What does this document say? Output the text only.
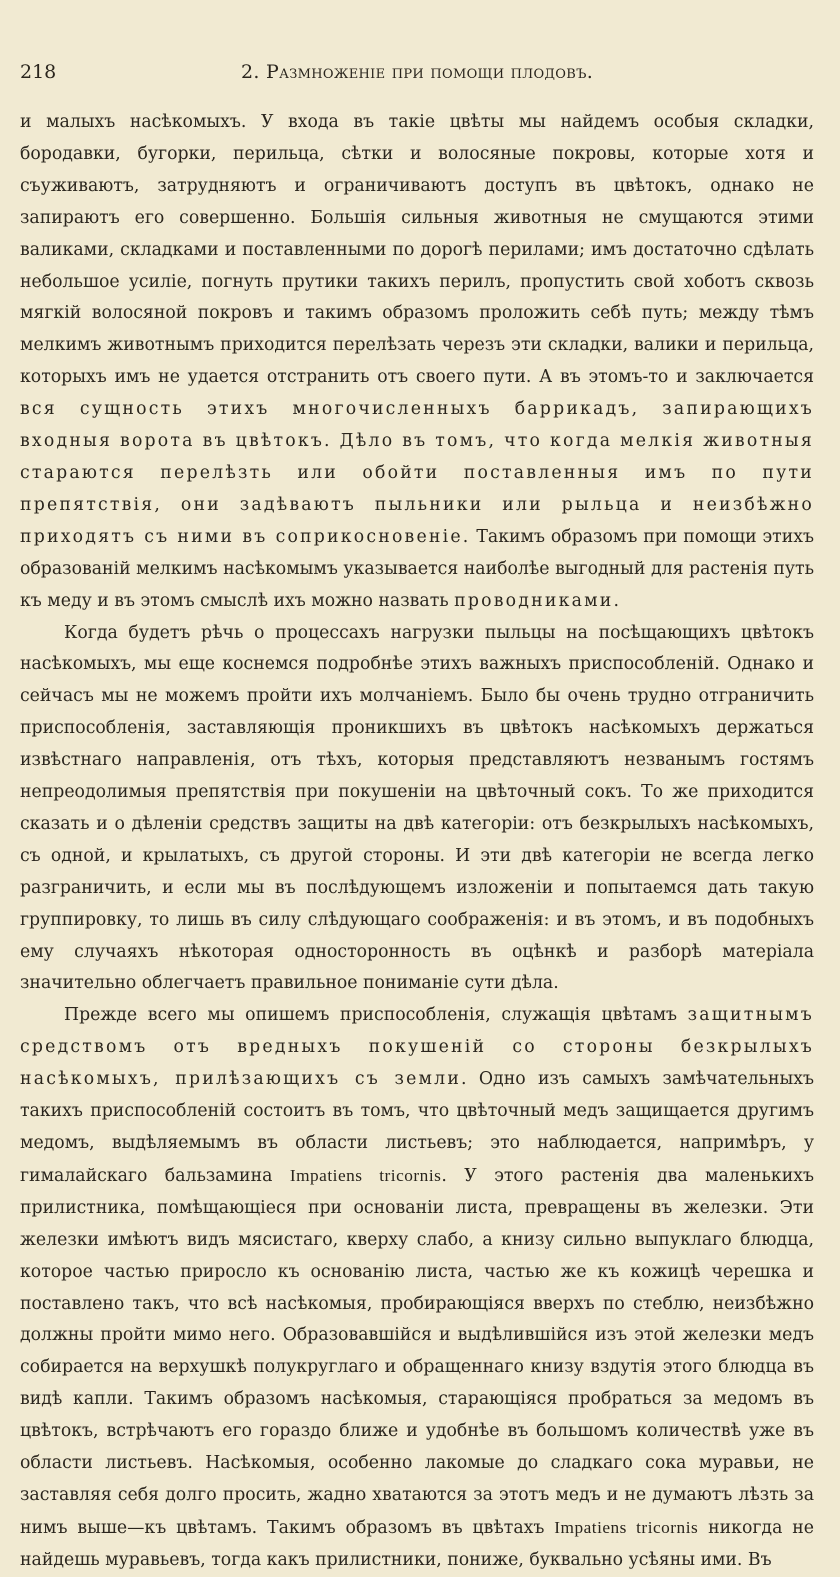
218	2. Размноженіе при помощи плодовъ.

и малыхъ насѣкомыхъ. У входа въ такіе цвѣты мы найдемъ особыя складки, бородавки, бугорки, перильца, сѣтки и волосяные покровы, которые хотя и съуживаютъ, затрудняютъ и ограничиваютъ доступъ въ цвѣтокъ, однако не запираютъ его совершенно. Большія сильныя животныя не смущаются этими валиками, складками и поставленными по дорогѣ перилами; имъ достаточно сдѣлать небольшое усиліе, погнуть прутики такихъ перилъ, пропустить свой хоботъ сквозь мягкій волосяной покровъ и такимъ образомъ проложить себѣ путь; между тѣмъ мелкимъ животнымъ приходится перелѣзать черезъ эти складки, валики и перильца, которыхъ имъ не удается отстранить отъ своего пути. А въ этомъ-то и заключается вся сущность этихъ многочисленныхъ баррикадъ, запирающихъ входныя ворота въ цвѣтокъ. Дѣло въ томъ, что когда мелкія животныя стараются перелѣзть или обойти поставленныя имъ по пути препятствія, они задѣваютъ пыльники или рыльца и неизбѣжно приходятъ съ ними въ соприкосновеніе. Такимъ образомъ при помощи этихъ образованій мелкимъ насѣкомымъ указывается наиболѣе выгодный для растенія путь къ меду и въ этомъ смыслѣ ихъ можно назвать проводниками.

Когда будетъ рѣчь о процессахъ нагрузки пыльцы на посѣщающихъ цвѣтокъ насѣкомыхъ, мы еще коснемся подробнѣе этихъ важныхъ приспособленій. Однако и сейчасъ мы не можемъ пройти ихъ молчаніемъ. Было бы очень трудно отграничить приспособленія, заставляющія проникшихъ въ цвѣтокъ насѣкомыхъ держаться извѣстнаго направленія, отъ тѣхъ, которыя представляютъ незванымъ гостямъ непреодолимыя препятствія при покушеніи на цвѣточный сокъ. То же приходится сказать и о дѣленіи средствъ защиты на двѣ категоріи: отъ безкрылыхъ насѣкомыхъ, съ одной, и крылатыхъ, съ другой стороны. И эти двѣ категоріи не всегда легко разграничить, и если мы въ послѣдующемъ изложеніи и попытаемся дать такую группировку, то лишь въ силу слѣдующаго соображенія: и въ этомъ, и въ подобныхъ ему случаяхъ нѣкоторая односторонность въ оцѣнкѣ и разборѣ матеріала значительно облегчаетъ правильное пониманіе сути дѣла.

Прежде всего мы опишемъ приспособленія, служащія цвѣтамъ защитнымъ средствомъ отъ вредныхъ покушеній со стороны безкрылыхъ насѣкомыхъ, прилѣзающихъ съ земли. Одно изъ самыхъ замѣчательныхъ такихъ приспособленій состоитъ въ томъ, что цвѣточный медъ защищается другимъ медомъ, выдѣляемымъ въ области листьевъ; это наблюдается, напримѣръ, у гималайскаго бальзамина Impatiens tricornis. У этого растенія два маленькихъ прилистника, помѣщающіеся при основаніи листа, превращены въ железки. Эти железки имѣютъ видъ мясистаго, кверху слабо, а книзу сильно выпуклаго блюдца, которое частью приросло къ основанію листа, частью же къ кожицѣ черешка и поставлено такъ, что всѣ насѣкомыя, пробирающіяся вверхъ по стеблю, неизбѣжно должны пройти мимо него. Образовавшійся и выдѣлившійся изъ этой железки медъ собирается на верхушкѣ полукруглаго и обращеннаго книзу вздутія этого блюдца въ видѣ капли. Такимъ образомъ насѣкомыя, старающіяся пробраться за медомъ въ цвѣтокъ, встрѣчаютъ его гораздо ближе и удобнѣе въ большомъ количествѣ уже въ области листьевъ. Насѣкомыя, особенно лакомые до сладкаго сока муравьи, не заставляя себя долго просить, жадно хватаются за этотъ медъ и не думаютъ лѣзть за нимъ выше—къ цвѣтамъ. Такимъ образомъ въ цвѣтахъ Impatiens tricornis никогда не найдешь муравьевъ, тогда какъ прилистники, пониже, буквально усѣяны ими. Въ
